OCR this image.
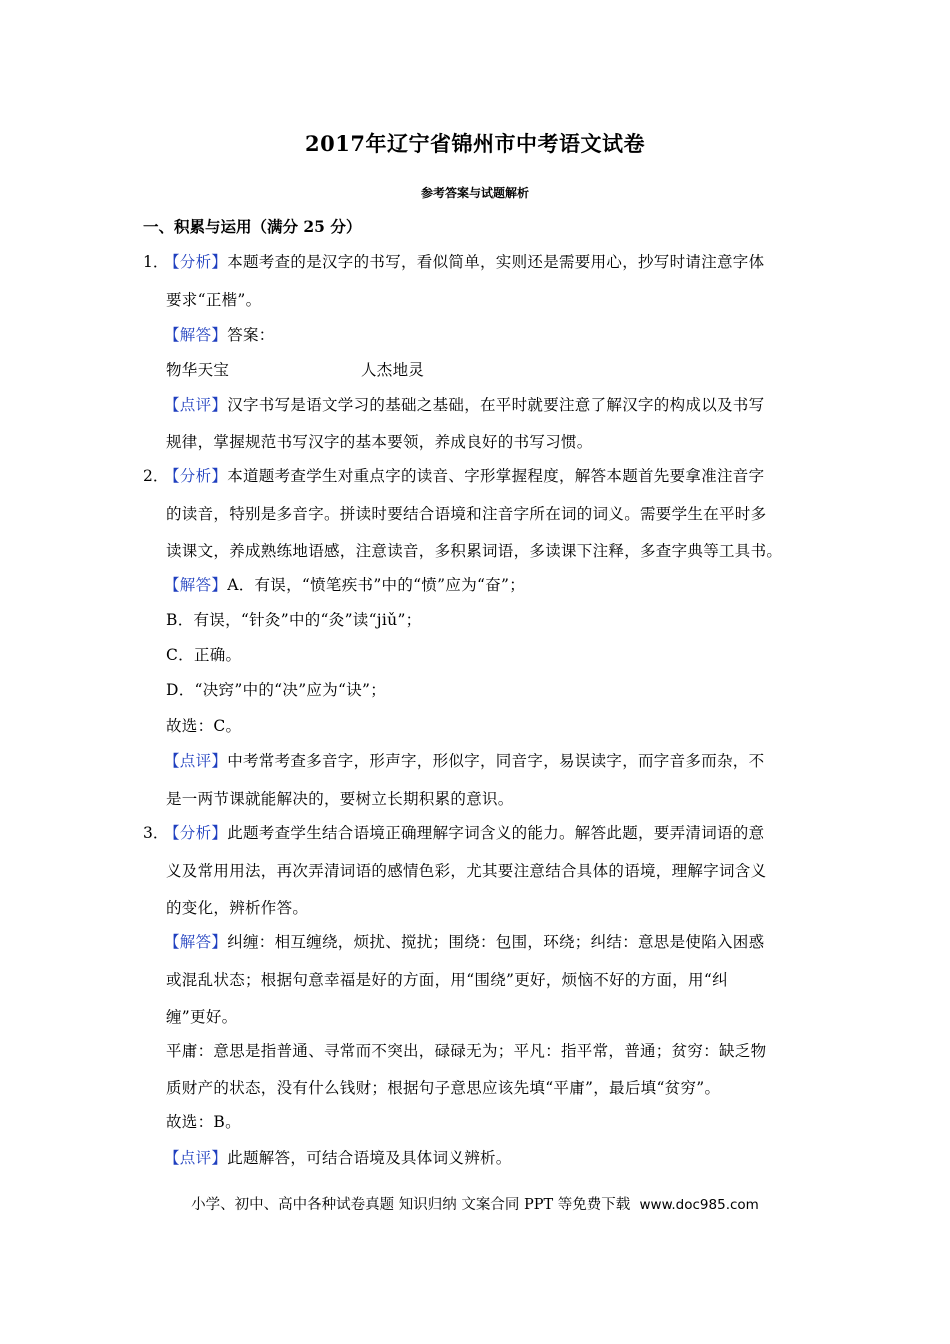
2017年辽宁省锦州市中考语文试卷
参考答案与试题解析
一、积累与运用（满分 25 分）
1．
【分析】本题考查的是汉字的书写，看似简单，实则还是需要用心，抄写时请注意字体
要求“正楷”。
【解答】答案：
物华天宝	人杰地灵
【点评】汉字书写是语文学习的基础之基础，在平时就要注意了解汉字的构成以及书写
规律，掌握规范书写汉字的基本要领，养成良好的书写习惯。
2．
【分析】本道题考查学生对重点字的读音、字形掌握程度，解答本题首先要拿准注音字
的读音，特别是多音字。拼读时要结合语境和注音字所在词的词义。需要学生在平时多
读课文，养成熟练地语感，注意读音，多积累词语，多读课下注释，多查字典等工具书。
【解答】A．有误，“愤笔疾书”中的“愤”应为“奋”；
B．有误，“针灸”中的“灸”读“jiǔ”；
C．正确。
D．“决窍”中的“决”应为“诀”；
故选：C。
【点评】中考常考查多音字，形声字，形似字，同音字，易误读字，而字音多而杂，不
是一两节课就能解决的，要树立长期积累的意识。
3．
【分析】此题考查学生结合语境正确理解字词含义的能力。解答此题，要弄清词语的意
义及常用用法，再次弄清词语的感情色彩，尤其要注意结合具体的语境，理解字词含义
的变化，辨析作答。
【解答】纠缠：相互缠绕，烦扰、搅扰；围绕：包围，环绕；纠结：意思是使陷入困惑
或混乱状态；根据句意幸福是好的方面，用“围绕”更好，烦恼不好的方面，用“纠
缠”更好。
平庸：意思是指普通、寻常而不突出，碌碌无为；平凡：指平常，普通；贫穷：缺乏物
质财产的状态，没有什么钱财；根据句子意思应该先填“平庸”，最后填“贫穷”。
故选：B。
【点评】此题解答，可结合语境及具体词义辨析。
小学、初中、高中各种试卷真题 知识归纳 文案合同 PPT 等免费下载 www.doc985.com
